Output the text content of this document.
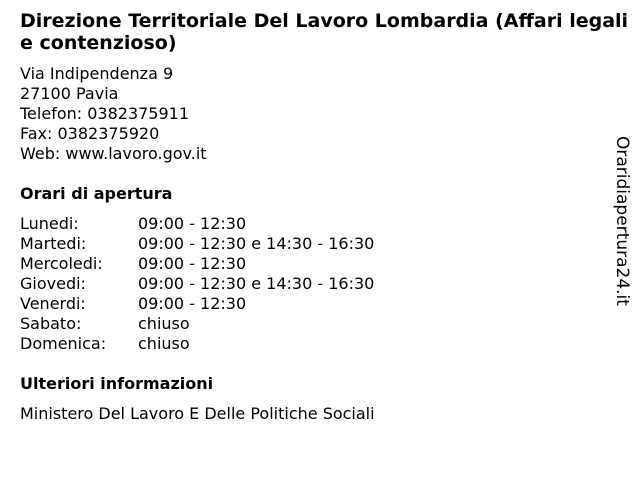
Direzione Territoriale Del Lavoro Lombardia (Affari legali e contenzioso)
Via Indipendenza 9
27100 Pavia
Telefon: 0382375911
Fax: 0382375920
Web: www.lavoro.gov.it
Orari di apertura
Lunedi:	09:00 - 12:30
Martedi:	09:00 - 12:30 e 14:30 - 16:30
Mercoledi: 09:00 - 12:30
Giovedi:	09:00 - 12:30 e 14:30 - 16:30
Venerdi:	09:00 - 12:30
Sabato:	chiuso
Domenica: chiuso
Ulteriori informazioni
Ministero Del Lavoro E Delle Politiche Sociali
Oraridiapertura24.it
